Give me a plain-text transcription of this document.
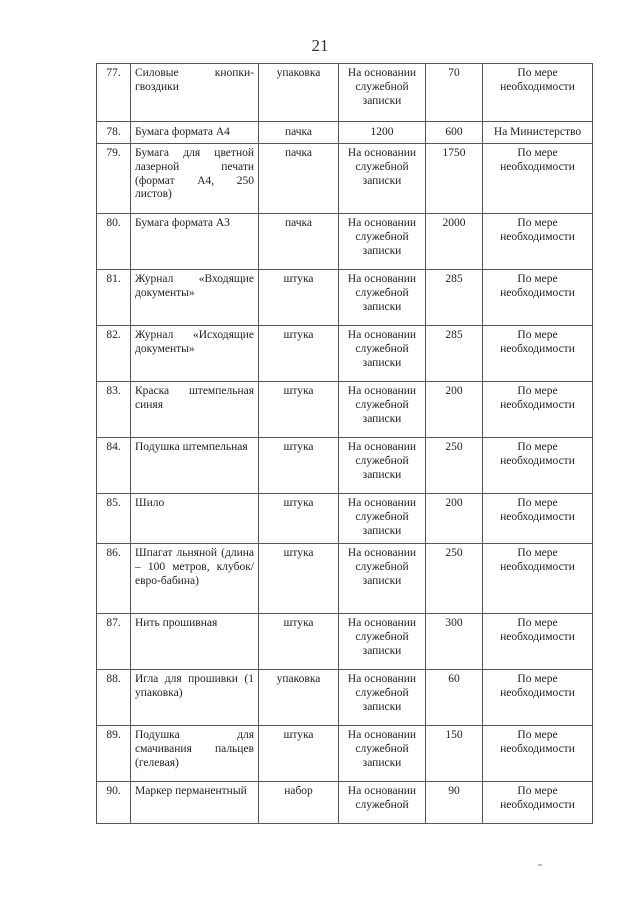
21
77.	Силовые кнопки-гвоздики	упаковка	На основании служебной записки	70	По мере необходимости
78.	Бумага формата А4	пачка	1200	600	На Министерство
79.	Бумага для цветной лазерной печати (формат А4, 250 листов)	пачка	На основании служебной записки	1750	По мере необходимости
80.	Бумага формата А3	пачка	На основании служебной записки	2000	По мере необходимости
81.	Журнал «Входящие документы»	штука	На основании служебной записки	285	По мере необходимости
82.	Журнал «Исходящие документы»	штука	На основании служебной записки	285	По мере необходимости
83.	Краска штемпельная синяя	штука	На основании служебной записки	200	По мере необходимости
84.	Подушка штемпельная	штука	На основании служебной записки	250	По мере необходимости
85.	Шило	штука	На основании служебной записки	200	По мере необходимости
86.	Шпагат льняной (длина – 100 метров, клубок/евро-бабина)	штука	На основании служебной записки	250	По мере необходимости
87.	Нить прошивная	штука	На основании служебной записки	300	По мере необходимости
88.	Игла для прошивки (1 упаковка)	упаковка	На основании служебной записки	60	По мере необходимости
89.	Подушка для смачивания пальцев (гелевая)	штука	На основании служебной записки	150	По мере необходимости
90.	Маркер перманентный	набор	На основании служебной	90	По мере необходимости
